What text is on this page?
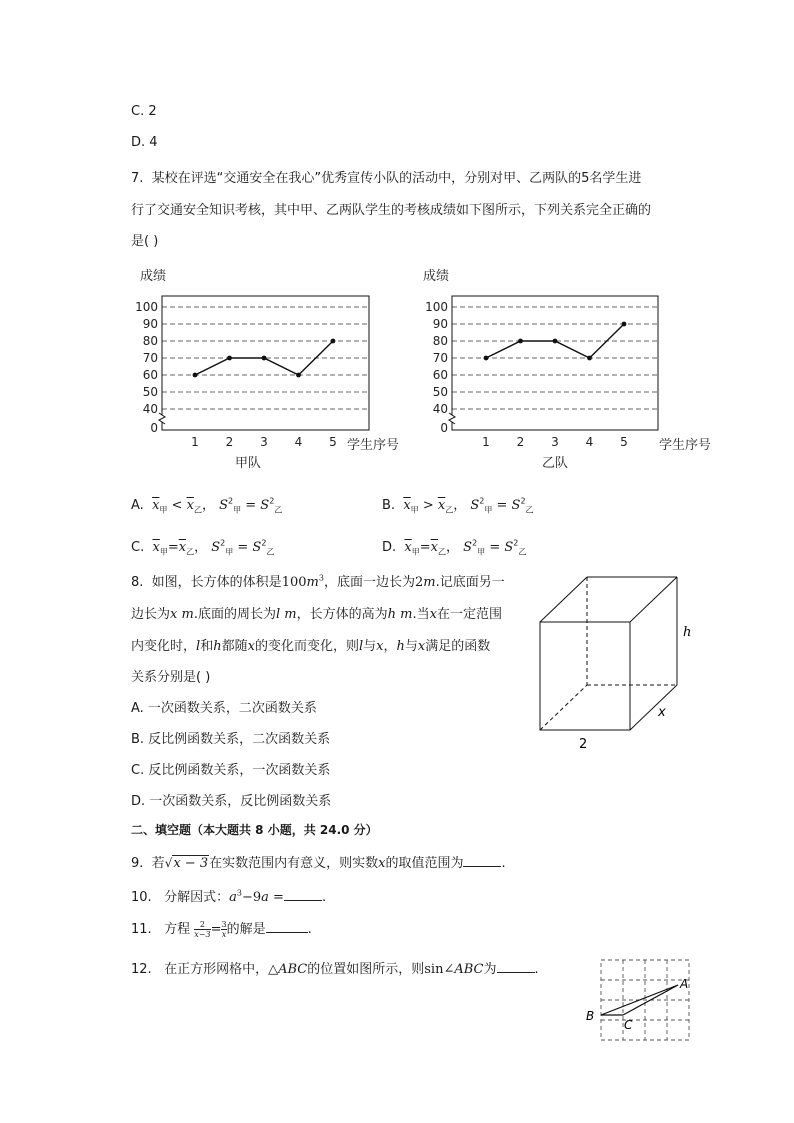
C. 2
D. 4
7. 某校在评选“交通安全在我心”优秀宣传小队的活动中，分别对甲、乙两队的5名学生进
行了交通安全知识考核，其中甲、乙两队学生的考核成绩如下图所示，下列关系完全正确的
是( )
成绩
40
50
60
70
80
90
100
0
1 2 3 4 5 学生序号
甲队
成绩
40
50
60
70
80
90
100
0
1 2 3 4 5 学生序号
乙队
A. $\overline{x}_甲 < \overline{x}_乙$， $S^2_甲 = S^2_乙$	B. $\overline{x}_甲 > \overline{x}_乙$， $S^2_甲 = S^2_乙$
C. $\overline{x}_甲=\overline{x}_乙$， $S^2_甲 = S^2_乙$	D. $\overline{x}_甲=\overline{x}_乙$， $S^2_甲 = S^2_乙$
8. 如图，长方体的体积是$100m^3$，底面一边长为2m.记底面另一
边长为x m.底面的周长为l m，长方体的高为h m.当x在一定范围
内变化时，l和h都随x的变化而变化，则l与x，h与x满足的函数
关系分别是( )
A. 一次函数关系，二次函数关系
B. 反比例函数关系，二次函数关系
C. 反比例函数关系，一次函数关系
D. 一次函数关系，反比例函数关系
h
x
2
二、填空题（本大题共 8 小题，共 24.0 分）
9. 若√x − 3在实数范围内有意义，则实数x的取值范围为	.
10. 分解因式：$a^3-9a$ =	.
11. 方程 $\frac{2}{x-3} = \frac{3}{x}$ 的解是	.
12. 在正方形网格中，△ABC的位置如图所示，则sin∠ABC为	.
A
B
C
